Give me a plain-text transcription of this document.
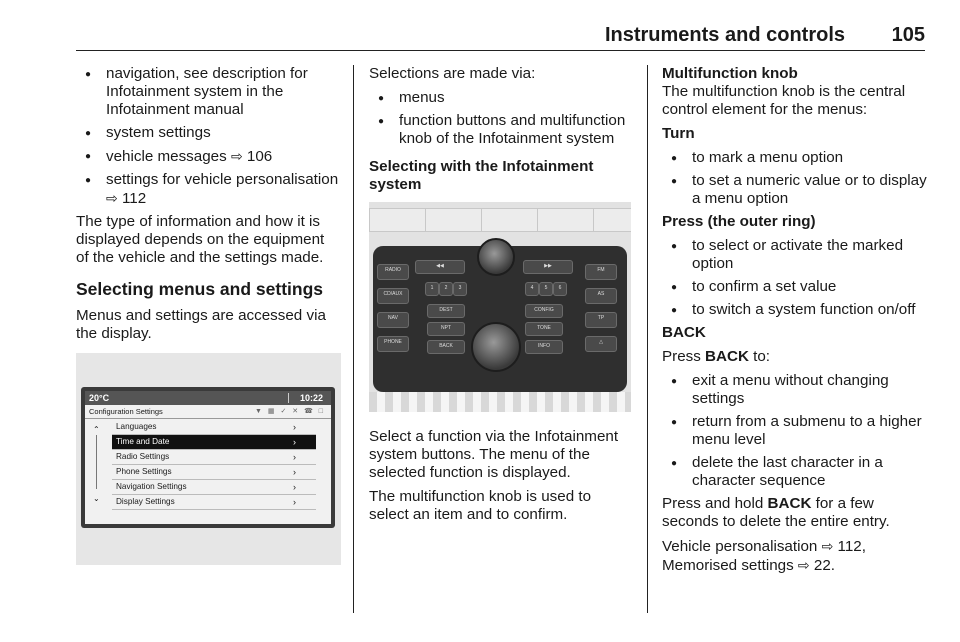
Instruments and controls 105
● navigation, see description for Infotainment system in the Infotainment manual
● system settings
● vehicle messages ⇨ 106
● settings for vehicle personalisation ⇨ 112

The type of information and how it is displayed depends on the equipment of the vehicle and the settings made.

Selecting menus and settings

Menus and settings are accessed via the display.

20°C	10:22
Configuration Settings	▼ ▦ ✓ ✕ ☎ □
⌃
⌄
Languages	›
Time and Date	›
Radio Settings	›
Phone Settings	›
Navigation Settings	›
Display Settings	›

Selections are made via:

● menus
● function buttons and multifunction knob of the Infotainment system

Selecting with the Infotainment system

RADIO
CD/AUX
NAV
PHONE
◀◀
1	2	3
DEST
NPT
BACK
▶▶
4	5	6
CONFIG
TONE
INFO
FM
AS
TP
△

Select a function via the Infotainment system buttons. The menu of the selected function is displayed.

The multifunction knob is used to select an item and to confirm.

Multifunction knob

The multifunction knob is the central control element for the menus:

Turn
● to mark a menu option
● to set a numeric value or to display a menu option
Press (the outer ring)
● to select or activate the marked option
● to confirm a set value
● to switch a system function on/off
BACK

Press BACK to:

● exit a menu without changing settings
● return from a submenu to a higher menu level
● delete the last character in a character sequence

Press and hold BACK for a few seconds to delete the entire entry.

Vehicle personalisation ⇨ 112,
Memorised settings ⇨ 22.
